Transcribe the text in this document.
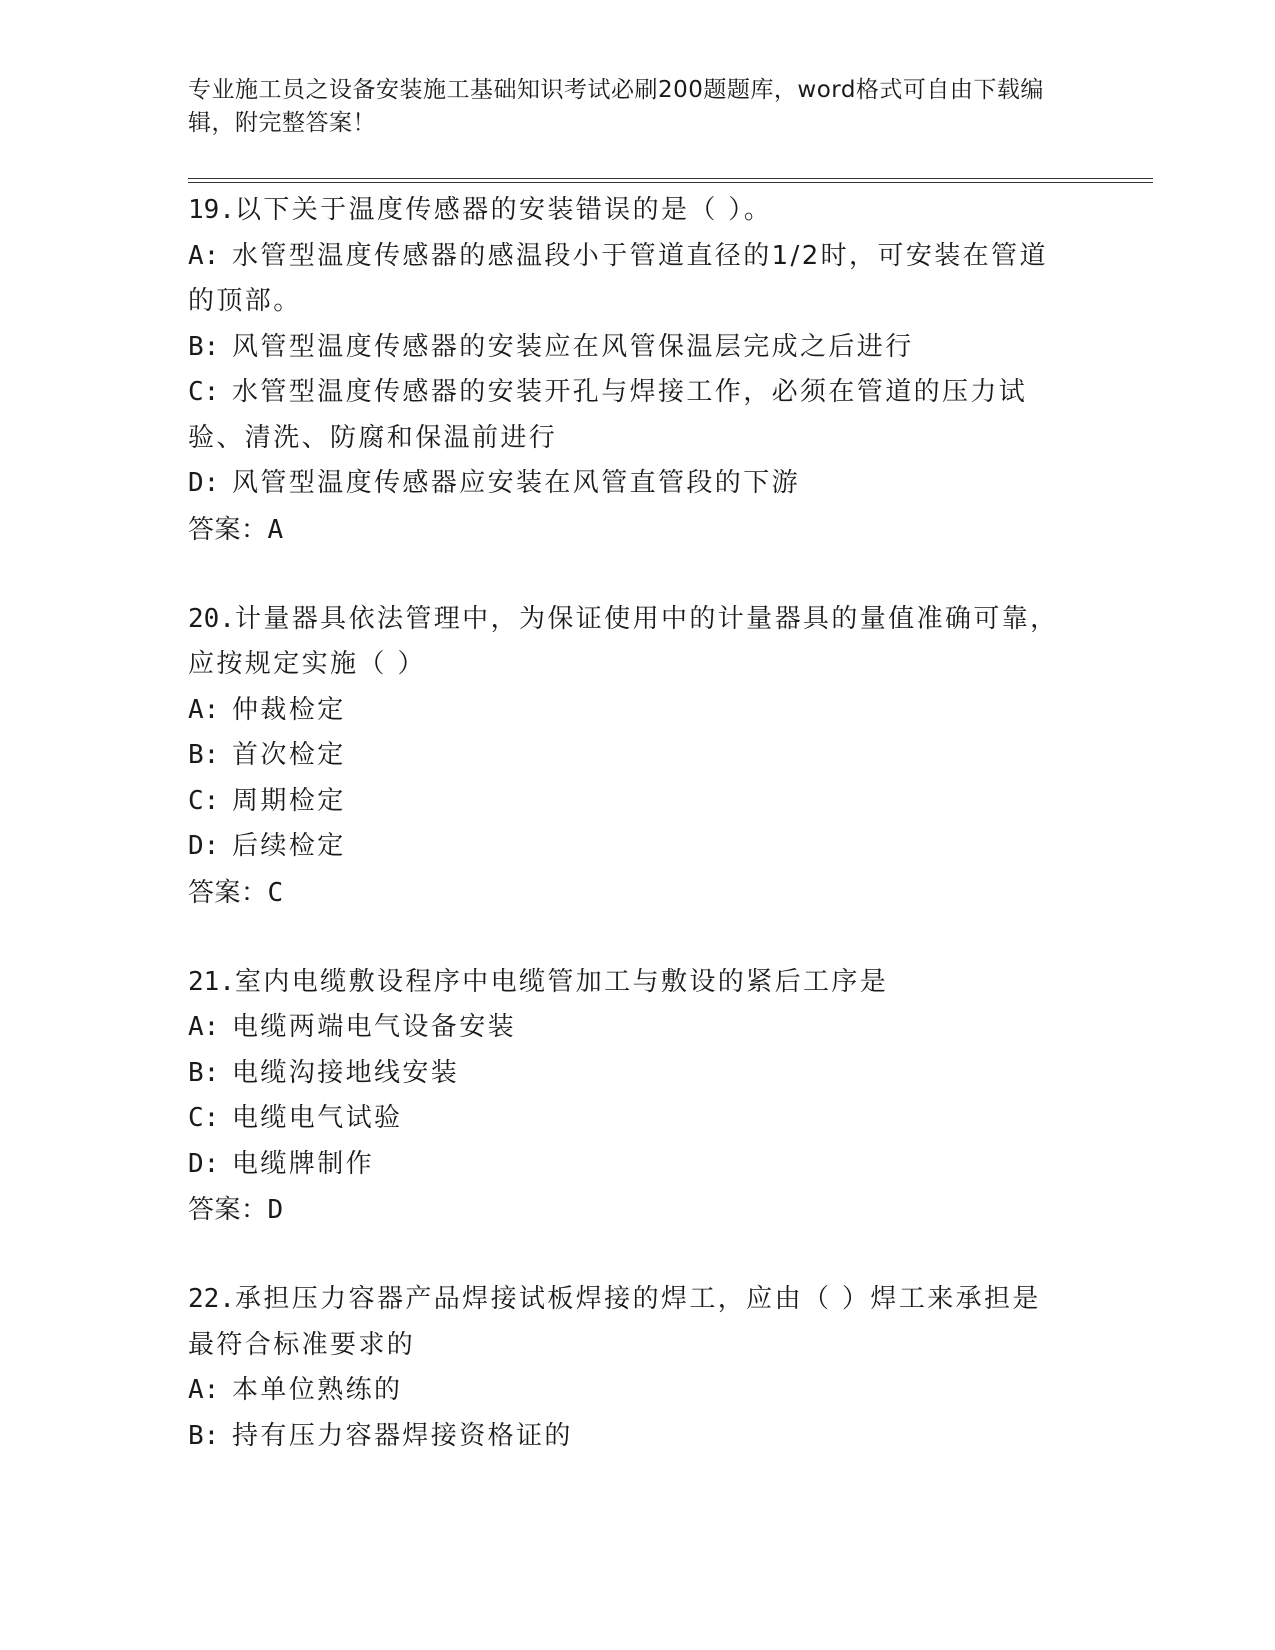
专业施工员之设备安装施工基础知识考试必刷200题题库，word格式可自由下载编辑，附完整答案！
19.以下关于温度传感器的安装错误的是（ ）。
A: 水管型温度传感器的感温段小于管道直径的1/2时，可安装在管道的顶部。
B: 风管型温度传感器的安装应在风管保温层完成之后进行
C: 水管型温度传感器的安装开孔与焊接工作，必须在管道的压力试验、清洗、防腐和保温前进行
D: 风管型温度传感器应安装在风管直管段的下游
答案：A
20.计量器具依法管理中，为保证使用中的计量器具的量值准确可靠，应按规定实施（ ）
A: 仲裁检定
B: 首次检定
C: 周期检定
D: 后续检定
答案：C
21.室内电缆敷设程序中电缆管加工与敷设的紧后工序是
A: 电缆两端电气设备安装
B: 电缆沟接地线安装
C: 电缆电气试验
D: 电缆牌制作
答案：D
22.承担压力容器产品焊接试板焊接的焊工，应由（ ）焊工来承担是最符合标准要求的
A: 本单位熟练的
B: 持有压力容器焊接资格证的
